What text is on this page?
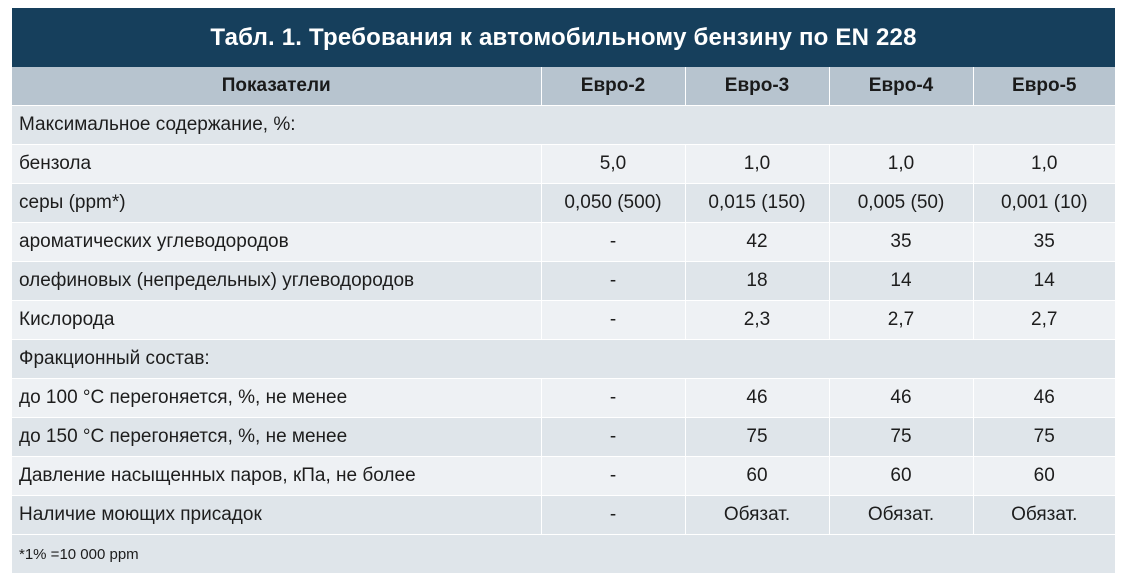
Табл. 1. Требования к автомобильному бензину по EN 228
Показатели	Евро-2	Евро-3	Евро-4	Евро-5
Максимальное содержание, %:				
бензола	5,0	1,0	1,0	1,0
серы (ppm*)	0,050 (500)	0,015 (150)	0,005 (50)	0,001 (10)
ароматических углеводородов	-	42	35	35
олефиновых (непредельных) углеводородов	-	18	14	14
Кислорода	-	2,3	2,7	2,7
Фракционный состав:				
до 100 °С перегоняется, %, не менее	-	46	46	46
до 150 °С перегоняется, %, не менее	-	75	75	75
Давление насыщенных паров, кПа, не более	-	60	60	60
Наличие моющих присадок	-	Обязат.	Обязат.	Обязат.
*1% =10 000 ppm				
